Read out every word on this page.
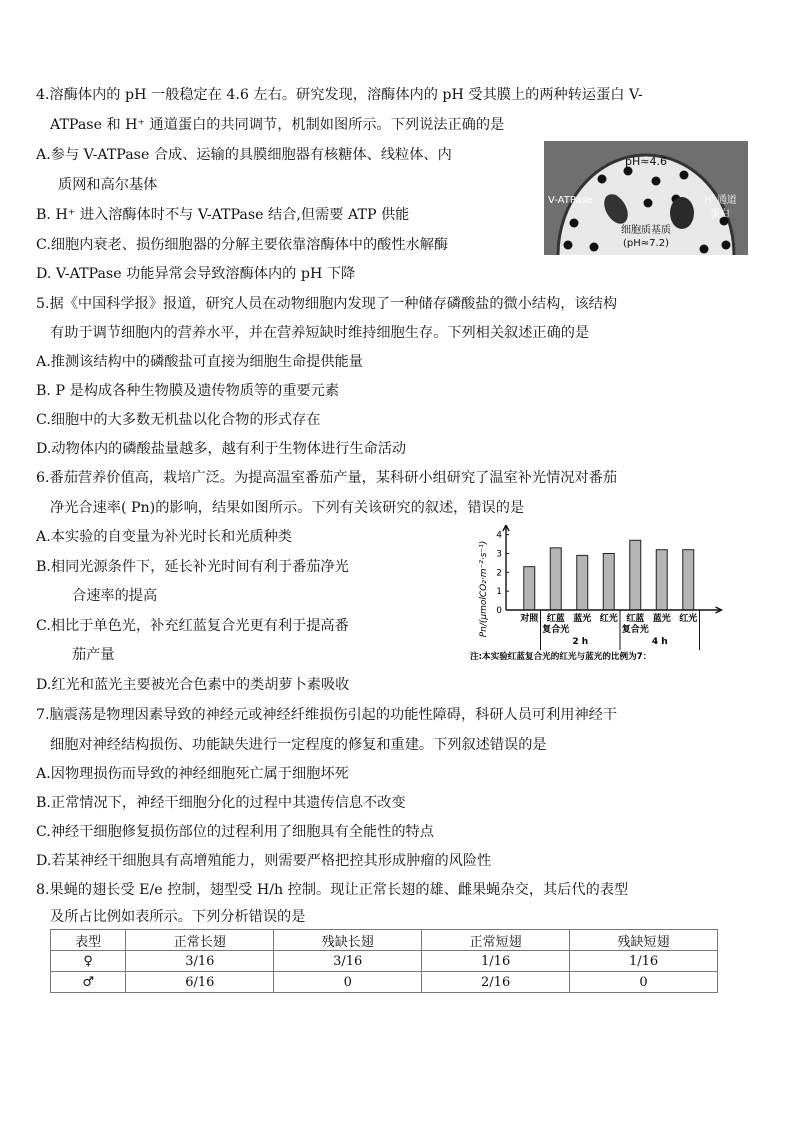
4.溶酶体内的 pH 一般稳定在 4.6 左右。研究发现，溶酶体内的 pH 受其膜上的两种转运蛋白 V-
ATPase 和 H⁺ 通道蛋白的共同调节，机制如图所示。下列说法正确的是
A.参与 V-ATPase 合成、运输的具膜细胞器有核糖体、线粒体、内
质网和高尔基体
B. H⁺ 进入溶酶体时不与 V-ATPase 结合,但需要 ATP 供能
C.细胞内衰老、损伤细胞器的分解主要依靠溶酶体中的酸性水解酶
D. V-ATPase 功能异常会导致溶酶体内的 pH 下降
pH≈4.6
V-ATPase	H⁺通道
蛋白
细胞质基质
(pH≈7.2)
5.据《中国科学报》报道，研究人员在动物细胞内发现了一种储存磷酸盐的微小结构，该结构
有助于调节细胞内的营养水平，并在营养短缺时维持细胞生存。下列相关叙述正确的是
A.推测该结构中的磷酸盐可直接为细胞生命提供能量
B. P 是构成各种生物膜及遗传物质等的重要元素
C.细胞中的大多数无机盐以化合物的形式存在
D.动物体内的磷酸盐量越多，越有利于生物体进行生命活动
6.番茄营养价值高，栽培广泛。为提高温室番茄产量，某科研小组研究了温室补光情况对番茄
净光合速率( Pn)的影响，结果如图所示。下列有关该研究的叙述，错误的是
A.本实验的自变量为补光时长和光质种类
B.相同光源条件下，延长补光时间有利于番茄净光
合速率的提高
C.相比于单色光，补充红蓝复合光更有利于提高番
茄产量
D.红光和蓝光主要被光合色素中的类胡萝卜素吸收
Pn/(μmolCO₂·m⁻²·s⁻¹) 0
1
2
3
4
对照 红蓝复合光
蓝光 红光 红蓝复合光
蓝光 红光
2 h	4 h
注:本实验红蓝复合光的红光与蓝光的比例为7：
7.脑震荡是物理因素导致的神经元或神经纤维损伤引起的功能性障碍，科研人员可利用神经干
细胞对神经结构损伤、功能缺失进行一定程度的修复和重建。下列叙述错误的是
A.因物理损伤而导致的神经细胞死亡属于细胞坏死
B.正常情况下，神经干细胞分化的过程中其遗传信息不改变
C.神经干细胞修复损伤部位的过程利用了细胞具有全能性的特点
D.若某神经干细胞具有高增殖能力，则需要严格把控其形成肿瘤的风险性
8.果蝇的翅长受 E/e 控制，翅型受 H/h 控制。现让正常长翅的雄、雌果蝇杂交，其后代的表型
及所占比例如表所示。下列分析错误的是
表型	正常长翅	残缺长翅	正常短翅	残缺短翅
♀	3/16	3/16	1/16	1/16
♂	6/16	0	2/16	0
